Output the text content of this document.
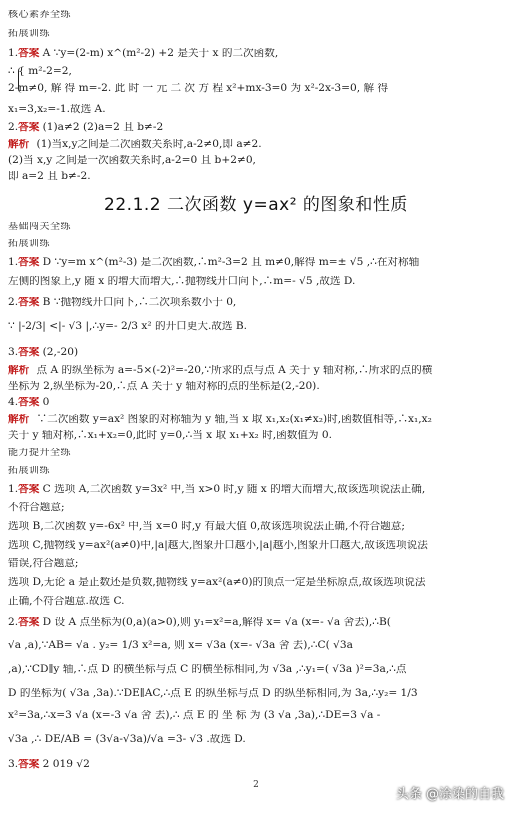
核心素养全练
拓展训练
1.答案 A ∵y=(2-m) x^(m²-2) +2 是关于 x 的二次函数,
∴ { m²-2=2,
2-m≠0, 解 得 m=-2. 此 时 一 元 二 次 方 程 x²+mx-3=0 为 x²-2x-3=0, 解 得
x₁=3,x₂=-1.故选 A.
2.答案 (1)a≠2 (2)a=2 且 b≠-2
解析 (1)当x,y之间是二次函数关系时,a-2≠0,即 a≠2.
(2)当 x,y 之间是一次函数关系时,a-2=0 且 b+2≠0,
即 a=2 且 b≠-2.
22.1.2 二次函数 y=ax² 的图象和性质
基础闯关全练
拓展训练
1.答案 D ∵y=m x^(m²-3) 是二次函数,∴m²-3=2 且 m≠0,解得 m=± √5 ,∴在对称轴
左侧的图象上,y 随 x 的增大而增大,∴抛物线开口向下,∴m=- √5 ,故选 D.
2.答案 B ∵抛物线开口向下,∴二次项系数小于 0,
∵ |-2/3| <|- √3 |,∴y=- 2/3 x² 的开口更大.故选 B.
3.答案 (2,-20)
解析 点 A 的纵坐标为 a=-5×(-2)²=-20,∵所求的点与点 A 关于 y 轴对称,∴所求的点的横
坐标为 2,纵坐标为-20,∴点 A 关于 y 轴对称的点的坐标是(2,-20).
4.答案 0
解析 ∵二次函数 y=ax² 图象的对称轴为 y 轴,当 x 取 x₁,x₂(x₁≠x₂)时,函数值相等,∴x₁,x₂
关于 y 轴对称,∴x₁+x₂=0,此时 y=0,∴当 x 取 x₁+x₂ 时,函数值为 0.
能力提升全练
拓展训练
1.答案 C 选项 A,二次函数 y=3x² 中,当 x>0 时,y 随 x 的增大而增大,故该选项说法正确,
不符合题意;
选项 B,二次函数 y=-6x² 中,当 x=0 时,y 有最大值 0,故该选项说法正确,不符合题意;
选项 C,抛物线 y=ax²(a≠0)中,|a|越大,图象开口越小,|a|越小,图象开口越大,故该选项说法
错误,符合题意;
选项 D,无论 a 是正数还是负数,抛物线 y=ax²(a≠0)的顶点一定是坐标原点,故该选项说法
正确,不符合题意.故选 C.
2.答案 D 设 A 点坐标为(0,a)(a>0),则 y₁=x²=a,解得 x= √a (x=- √a 舍去),∴B(
√a ,a),∵AB= √a . y₂= 1/3 x²=a, 则 x= √3a (x=- √3a 舍 去),∴C( √3a
,a),∵CD∥y 轴,∴点 D 的横坐标与点 C 的横坐标相同,为 √3a ,∴y₁=( √3a )²=3a,∴点
D 的坐标为( √3a ,3a).∵DE∥AC,∴点 E 的纵坐标与点 D 的纵坐标相同,为 3a,∴y₂= 1/3
x²=3a,∴x=3 √a (x=-3 √a 舍 去),∴ 点 E 的 坐 标 为 (3 √a ,3a),∴DE=3 √a -
√3a ,∴ DE/AB = (3√a-√3a)/√a =3- √3 .故选 D.
3.答案 2 019 √2
2
头条 @涂染的自我
